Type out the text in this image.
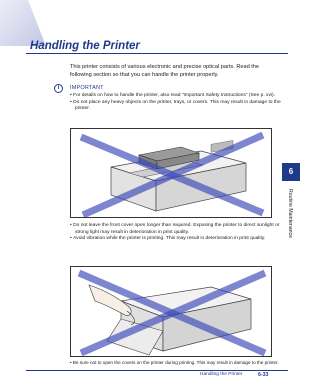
Handling the Printer
This printer consists of various electronic and precise optical parts. Read the following section so that you can handle the printer properly.
i	IMPORTANT
• For details on how to handle the printer, also read "Important Safety Instructions" (See p. xvi).
• Do not place any heavy objects on the printer, trays, or covers. This may result in damage to the printer.
• Do not leave the front cover open longer than required. Exposing the printer to direct sunlight or strong light may result in deterioration in print quality.
• Avoid vibration while the printer is printing. This may result in deterioration in print quality.
• Be sure not to open the covers on the printer during printing. This may result in damage to the printer.
6
Routine Maintenance
Handling the Printer	6-33
